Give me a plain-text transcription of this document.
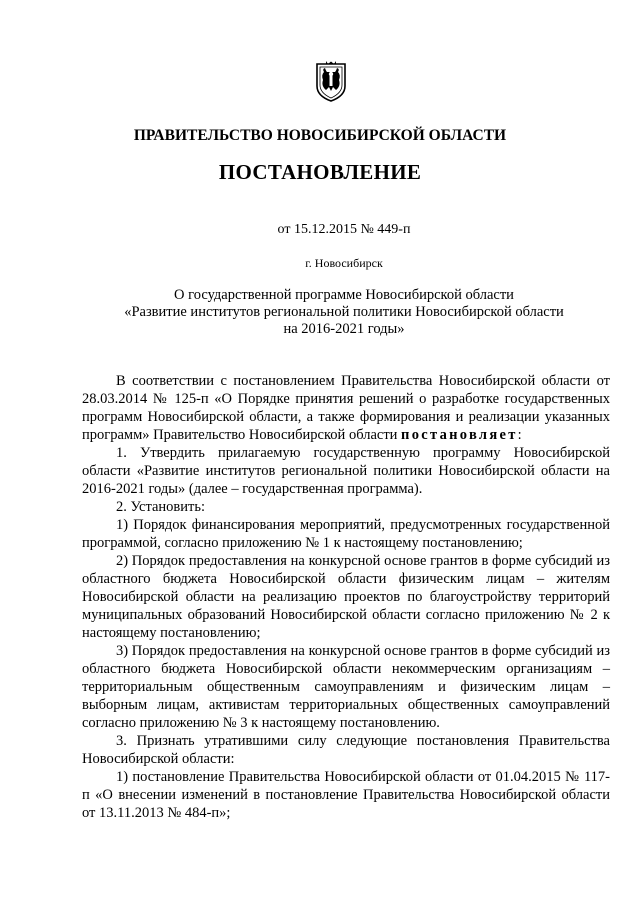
ПРАВИТЕЛЬСТВО НОВОСИБИРСКОЙ ОБЛАСТИ
ПОСТАНОВЛЕНИЕ
от 15.12.2015 № 449-п
г. Новосибирск
О государственной программе Новосибирской области
«Развитие институтов региональной политики Новосибирской области
на 2016-2021 годы»

В соответствии с постановлением Правительства Новосибирской области от 28.03.2014 № 125-п «О Порядке принятия решений о разработке государственных программ Новосибирской области, а также формирования и реализации указанных программ» Правительство Новосибирской области постановляет:

1. Утвердить прилагаемую государственную программу Новосибирской области «Развитие институтов региональной политики Новосибирской области на 2016-2021 годы» (далее – государственная программа).

2. Установить:

1) Порядок финансирования мероприятий, предусмотренных государственной программой, согласно приложению № 1 к настоящему постановлению;

2) Порядок предоставления на конкурсной основе грантов в форме субсидий из областного бюджета Новосибирской области физическим лицам – жителям Новосибирской области на реализацию проектов по благоустройству территорий муниципальных образований Новосибирской области согласно приложению № 2 к настоящему постановлению;

3) Порядок предоставления на конкурсной основе грантов в форме субсидий из областного бюджета Новосибирской области некоммерческим организациям – территориальным общественным самоуправлениям и физическим лицам – выборным лицам, активистам территориальных общественных самоуправлений согласно приложению № 3 к настоящему постановлению.

3. Признать утратившими силу следующие постановления Правительства Новосибирской области:

1) постановление Правительства Новосибирской области от 01.04.2015 № 117-п «О внесении изменений в постановление Правительства Новосибирской области от 13.11.2013 № 484-п»;
